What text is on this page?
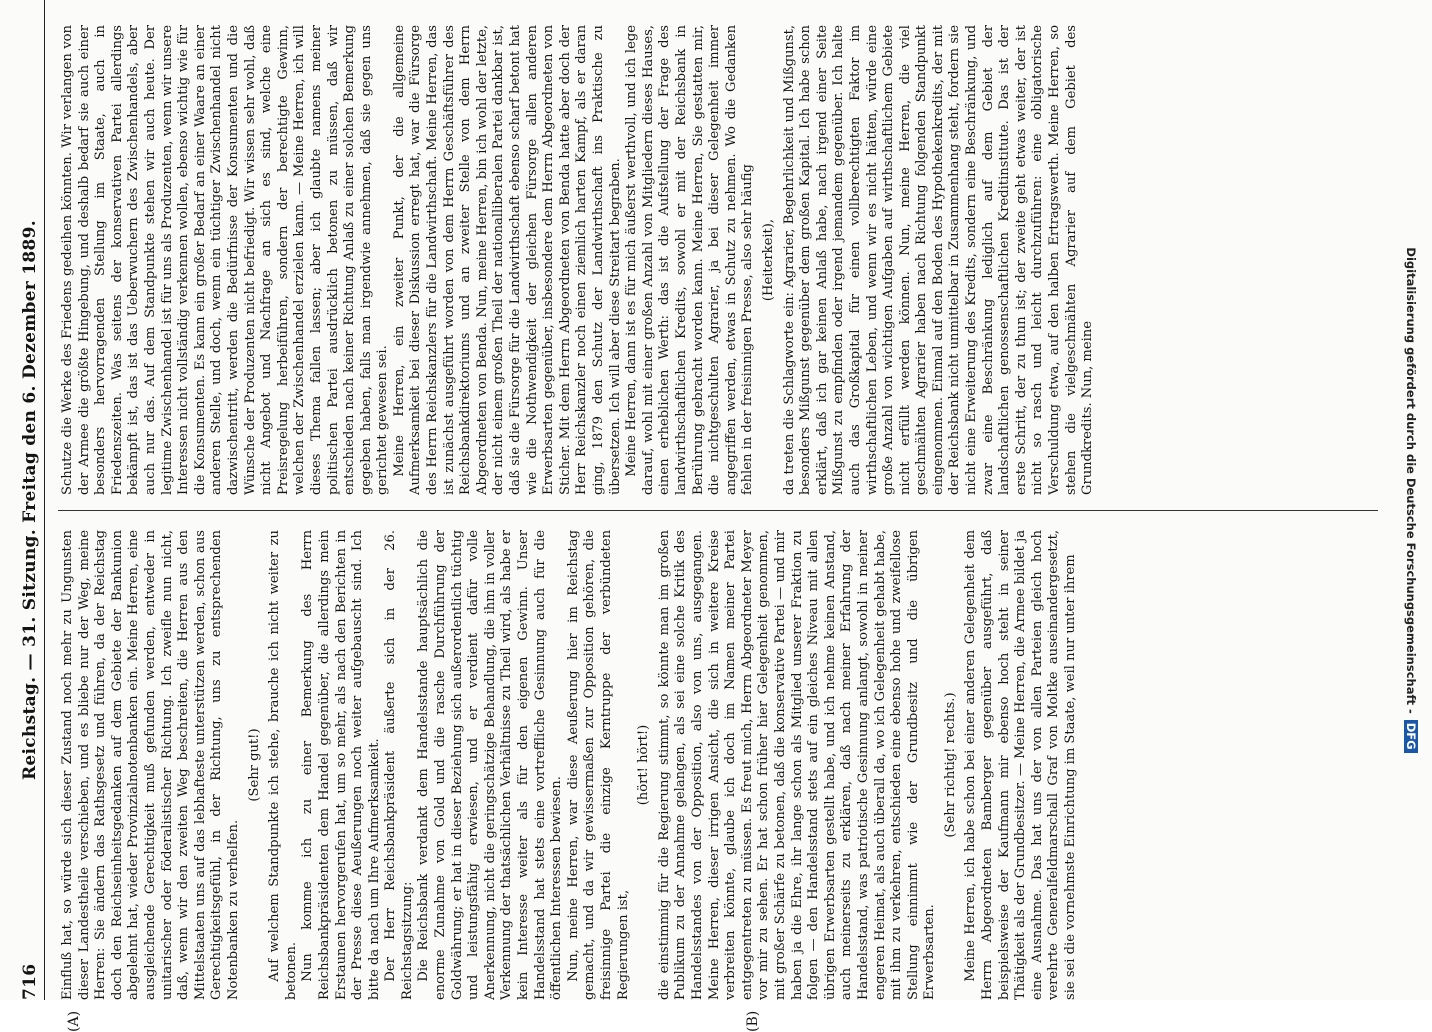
716
Reichstag. — 31. Sitzung. Freitag den 6. Dezember 1889.
(A)	(B)

Einfluß hat, so würde sich dieser Zustand noch mehr zu Ungunsten dieser Landestheile verschieben, und es bliebe nur der Weg, meine Herren: Sie ändern das Rathsgesetz und führen, da der Reichstag doch den Reichseinheitsgedanken auf dem Gebiete der Bankunion abgelehnt hat, wieder Provinzialnotenbanken ein. Meine Herren, eine ausgleichende Gerechtigkeit muß gefunden werden, entweder in unitarischer oder föderalistischer Richtung. Ich zweifle nun nicht, daß, wenn wir den zweiten Weg beschreiten, die Herren aus den Mittelstaaten uns auf das lebhafteste unterstützen werden, schon aus Gerechtigkeitsgefühl, in der Richtung, uns zu entsprechenden Notenbanken zu verhelfen.

(Sehr gut!) Auf welchem Standpunkte ich stehe, brauche ich nicht weiter zu betonen. Nun komme ich zu einer Bemerkung des Herrn Reichsbankpräsidenten dem Handel gegenüber, die allerdings mein Erstaunen hervorgerufen hat, um so mehr, als nach den Berichten in der Presse diese Aeußerungen noch weiter aufgebauscht sind. Ich bitte da nach um Ihre Aufmerksamkeit. Der Herr Reichsbankpräsident äußerte sich in der 26. Reichstagsitzung: Die Reichsbank verdankt dem Handelsstande hauptsächlich die enorme Zunahme von Gold und die rasche Durchführung der Goldwährung; er hat in dieser Beziehung sich außerordentlich tüchtig und leistungsfähig erwiesen, und er verdient dafür volle Anerkennung, nicht die geringschätzige Behandlung, die ihm in voller Verkennung der thatsächlichen Verhältnisse zu Theil wird, als habe er kein Interesse weiter als für den eigenen Gewinn. Unser Handelsstand hat stets eine vortreffliche Gesinnung auch für die öffentlichen Interessen bewiesen. Nun, meine Herren, war diese Aeußerung hier im Reichstag gemacht, und da wir gewissermaßen zur Opposition gehören, die freisinnige Partei die einzige Kerntruppe der verbündeten Regierungen ist,

(hört! hört!) die einstimmig für die Regierung stimmt, so könnte man im großen Publikum zu der Annahme gelangen, als sei eine solche Kritik des Handelsstandes von der Opposition, also von uns, ausgegangen. Meine Herren, dieser irrigen Ansicht, die sich in weitere Kreise verbreiten könnte, glaube ich doch im Namen meiner Partei entgegentreten zu müssen. Es freut mich, Herrn Abgeordneter Meyer vor mir zu sehen. Er hat schon früher hier Gelegenheit genommen, mit großer Schärfe zu betonen, daß die konservative Partei — und mir haben ja die Ehre, ihr lange schon als Mitglied unserer Fraktion zu folgen — den Handelsstand stets auf ein gleiches Niveau mit allen übrigen Erwerbsarten gestellt habe, und ich nehme keinen Anstand, auch meinerseits zu erklären, daß nach meiner Erfahrung der Handelsstand, was patriotische Gesinnung anlangt, sowohl in meiner engeren Heimat, als auch überall da, wo ich Gelegenheit gehabt habe, mit ihm zu verkehren, entschieden eine ebenso hohe und zweifellose Stellung einnimmt wie der Grundbesitz und die übrigen Erwerbsarten.

(Sehr richtig! rechts.) Meine Herren, ich habe schon bei einer anderen Gelegenheit dem Herrn Abgeordneten Bamberger gegenüber ausgeführt, daß beispielsweise der Kaufmann mir ebenso hoch steht in seiner Thätigkeit als der Grundbesitzer. — Meine Herren, die Armee bildet ja eine Ausnahme. Das hat uns der von allen Parteien gleich hoch verehrte Generalfeldmarschall Graf von Moltke auseinandergesetzt, sie sei die vornehmste Einrichtung im Staate, weil nur unter ihrem

Schutze die Werke des Friedens gedeihen könnten. Wir verlangen von der Armee die größte Hingebung, und deshalb bedarf sie auch einer besonders hervorragenden Stellung im Staate, auch in Friedenszeiten. Was seitens der konservativen Partei allerdings bekämpft ist, das ist das Ueberwuchern des Zwischenhandels, aber auch nur das. Auf dem Standpunkte stehen wir auch heute. Der legitime Zwischenhandel ist für uns als Produzenten, wenn wir unsere Interessen nicht vollständig verkennen wollen, ebenso wichtig wie für die Konsumenten. Es kann ein großer Bedarf an einer Waare an einer anderen Stelle, und doch, wenn ein tüchtiger Zwischenhandel nicht dazwischentritt, werden die Bedürfnisse der Konsumenten und die Wünsche der Produzenten nicht befriedigt. Wir wissen sehr wohl, daß nicht Angebot und Nachfrage an sich es sind, welche eine Preisregelung herbeiführen, sondern der berechtigte Gewinn, welchen der Zwischenhandel erzielen kann. — Meine Herren, ich will dieses Thema fallen lassen; aber ich glaubte namens meiner politischen Partei ausdrücklich betonen zu müssen, daß wir entschieden nach keiner Richtung Anlaß zu einer solchen Bemerkung gegeben haben, falls man irgendwie annehmen, daß sie gegen uns gerichtet gewesen sei. Meine Herren, ein zweiter Punkt, der die allgemeine Aufmerksamkeit bei dieser Diskussion erregt hat, war die Fürsorge des Herrn Reichskanzlers für die Landwirthschaft. Meine Herren, das ist zunächst ausgeführt worden von dem Herrn Geschäftsführer des Reichsbankdirektoriums und an zweiter Stelle von dem Herrn Abgeordneten von Benda. Nun, meine Herren, bin ich wohl der letzte, der nicht einem großen Theil der nationalliberalen Partei dankbar ist, daß sie die Fürsorge für die Landwirthschaft ebenso scharf betont hat wie die Nothwendigkeit der gleichen Fürsorge allen anderen Erwerbsarten gegenüber, insbesondere dem Herrn Abgeordneten von Sticher. Mit dem Herrn Abgeordneten von Benda hatte aber doch der Herr Reichskanzler noch einen ziemlich harten Kampf, als er daran ging, 1879 den Schutz der Landwirthschaft ins Praktische zu übersetzen. Ich will aber diese Streitart begraben. Meine Herren, dann ist es für mich äußerst werthvoll, und ich lege darauf, wohl mit einer großen Anzahl von Mitgliedern dieses Hauses, einen erheblichen Werth: das ist die Aufstellung der Frage des landwirthschaftlichen Kredits, sowohl er mit der Reichsbank in Berührung gebracht worden kann. Meine Herren, Sie gestatten mir, die nichtgeschulten Agrarier, ja bei dieser Gelegenheit immer angegriffen werden, etwas in Schutz zu nehmen. Wo die Gedanken fehlen in der freisinnigen Presse, also sehr häufig (Heiterkeit), da treten die Schlagworte ein: Agrarier, Begehrlichkeit und Mißgunst, besonders Mißgunst gegenüber dem großen Kapital. Ich habe schon erklärt, daß ich gar keinen Anlaß habe, nach irgend einer Seite Mißgunst zu empfinden oder irgend jemandem gegenüber. Ich halte auch das Großkapital für einen vollberechtigten Faktor im wirthschaftlichen Leben, und wenn wir es nicht hätten, würde eine große Anzahl von wichtigen Aufgaben auf wirthschaftlichem Gebiete nicht erfüllt werden können. Nun, meine Herren, die viel geschmähten Agrarier haben nach Richtung folgenden Standpunkt eingenommen. Einmal auf den Boden des Hypothekenkredits, der mit der Reichsbank nicht unmittelbar in Zusammenhang steht, fordern sie nicht eine Erweiterung des Kredits, sondern eine Beschränkung, und zwar eine Beschränkung lediglich auf dem Gebiet der landschaftlichen genossenschaftlichen Kreditinstitute. Das ist der erste Schritt, der zu thun ist; der zweite geht etwas weiter, der ist nicht so rasch und leicht durchzuführen: eine obligatorische Verschuldung etwa, auf den halben Ertragswerth. Meine Herren, so stehen die vielgeschmähten Agrarier auf dem Gebiet des Grundkredits. Nun, meine	Digitalisierung gefördert durch die Deutsche Forschungsgemeinschaft -DFG
